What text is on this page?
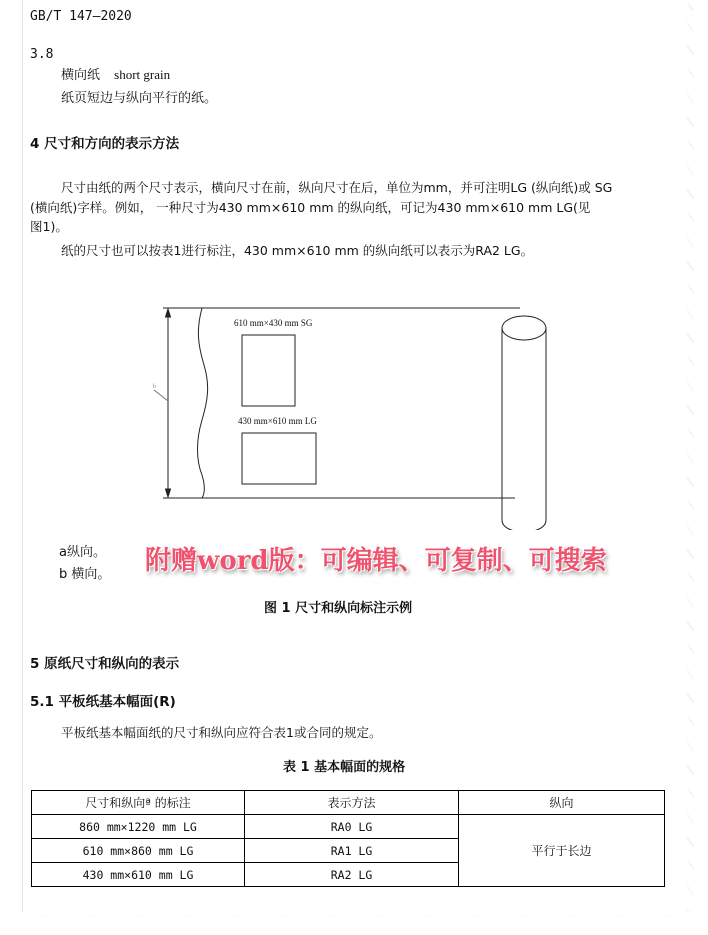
GB/T 147—2020
3.8
横向纸 short grain
纸页短边与纵向平行的纸。
4 尺寸和方向的表示方法
尺寸由纸的两个尺寸表示，横向尺寸在前，纵向尺寸在后，单位为mm，并可注明LG (纵向纸)或 SG
(横向纸)字样。例如， 一种尺寸为430 mm×610 mm 的纵向纸，可记为430 mm×610 mm LG(见
图1)。
纸的尺寸也可以按表1进行标注，430 mm×610 mm 的纵向纸可以表示为RA2 LG。
b
610 mm×430 mm SG
430 mm×610 mm LG
a纵向。
b 横向。 附赠word版：可编辑、可复制、可搜索
图 1 尺寸和纵向标注示例
5 原纸尺寸和纵向的表示
5.1 平板纸基本幅面(R)
平板纸基本幅面纸的尺寸和纵向应符合表1或合同的规定。
表 1 基本幅面的规格
尺寸和纵向ª 的标注	表示方法	纵向
860 mm×1220 mm LG	RA0 LG	平行于长边
610 mm×860 mm LG	RA1 LG	
430 mm×610 mm LG	RA2 LG	
